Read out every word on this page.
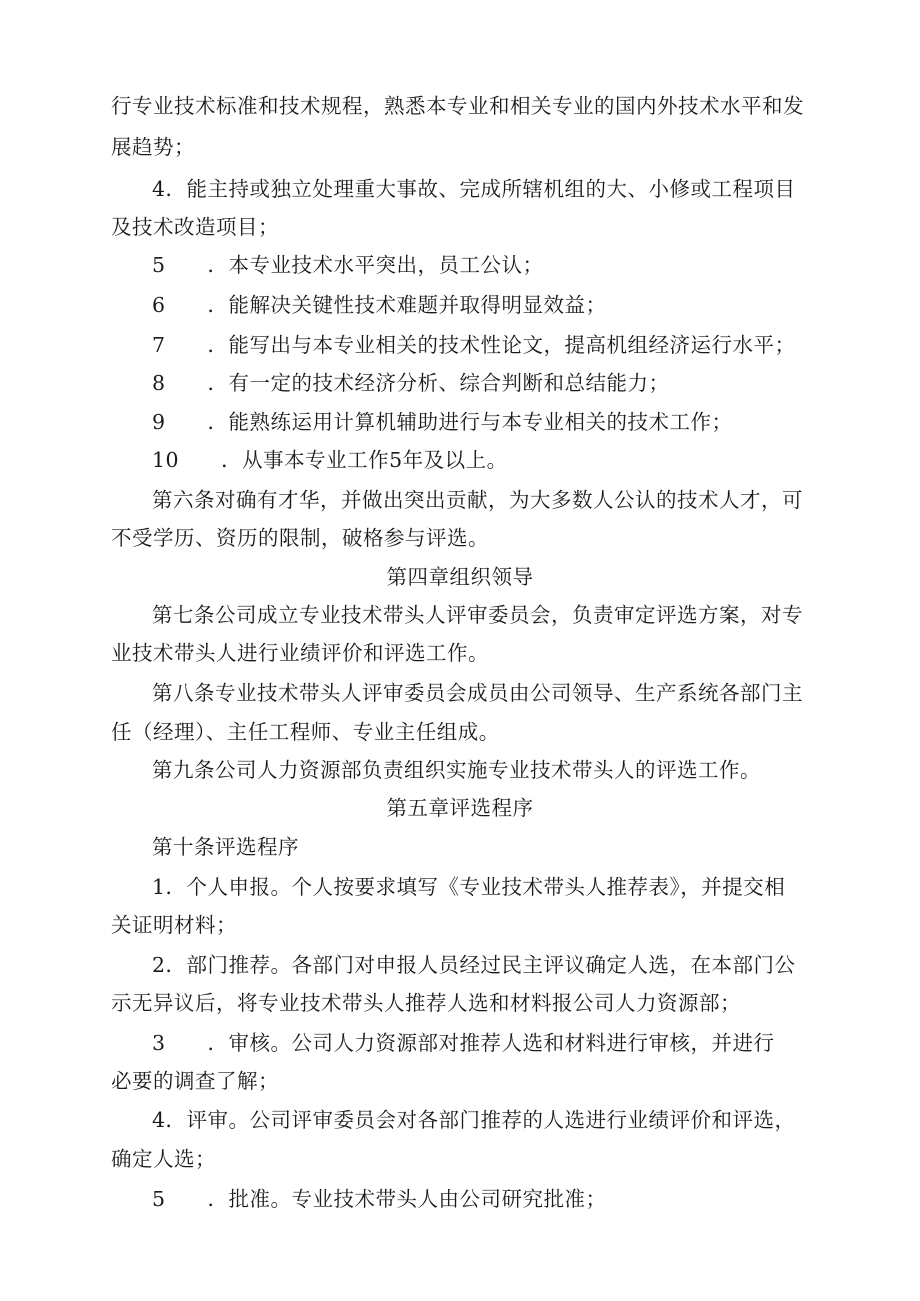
行专业技术标准和技术规程，熟悉本专业和相关专业的国内外技术水平和发
展趋势；
4．能主持或独立处理重大事故、完成所辖机组的大、小修或工程项目
及技术改造项目；
5　　．本专业技术水平突出，员工公认；
6　　．能解决关键性技术难题并取得明显效益；
7　　．能写出与本专业相关的技术性论文，提高机组经济运行水平；
8　　．有一定的技术经济分析、综合判断和总结能力；
9　　．能熟练运用计算机辅助进行与本专业相关的技术工作；
10　　．从事本专业工作5年及以上。
第六条对确有才华，并做出突出贡献，为大多数人公认的技术人才，可
不受学历、资历的限制，破格参与评选。
第四章组织领导
第七条公司成立专业技术带头人评审委员会，负责审定评选方案，对专
业技术带头人进行业绩评价和评选工作。
第八条专业技术带头人评审委员会成员由公司领导、生产系统各部门主
任（经理）、主任工程师、专业主任组成。
第九条公司人力资源部负责组织实施专业技术带头人的评选工作。
第五章评选程序
第十条评选程序
1．个人申报。个人按要求填写《专业技术带头人推荐表》，并提交相
关证明材料；
2．部门推荐。各部门对申报人员经过民主评议确定人选，在本部门公
示无异议后，将专业技术带头人推荐人选和材料报公司人力资源部；
3　　．审核。公司人力资源部对推荐人选和材料进行审核，并进行
必要的调查了解；
4．评审。公司评审委员会对各部门推荐的人选进行业绩评价和评选，
确定人选；
5　　．批准。专业技术带头人由公司研究批准；
